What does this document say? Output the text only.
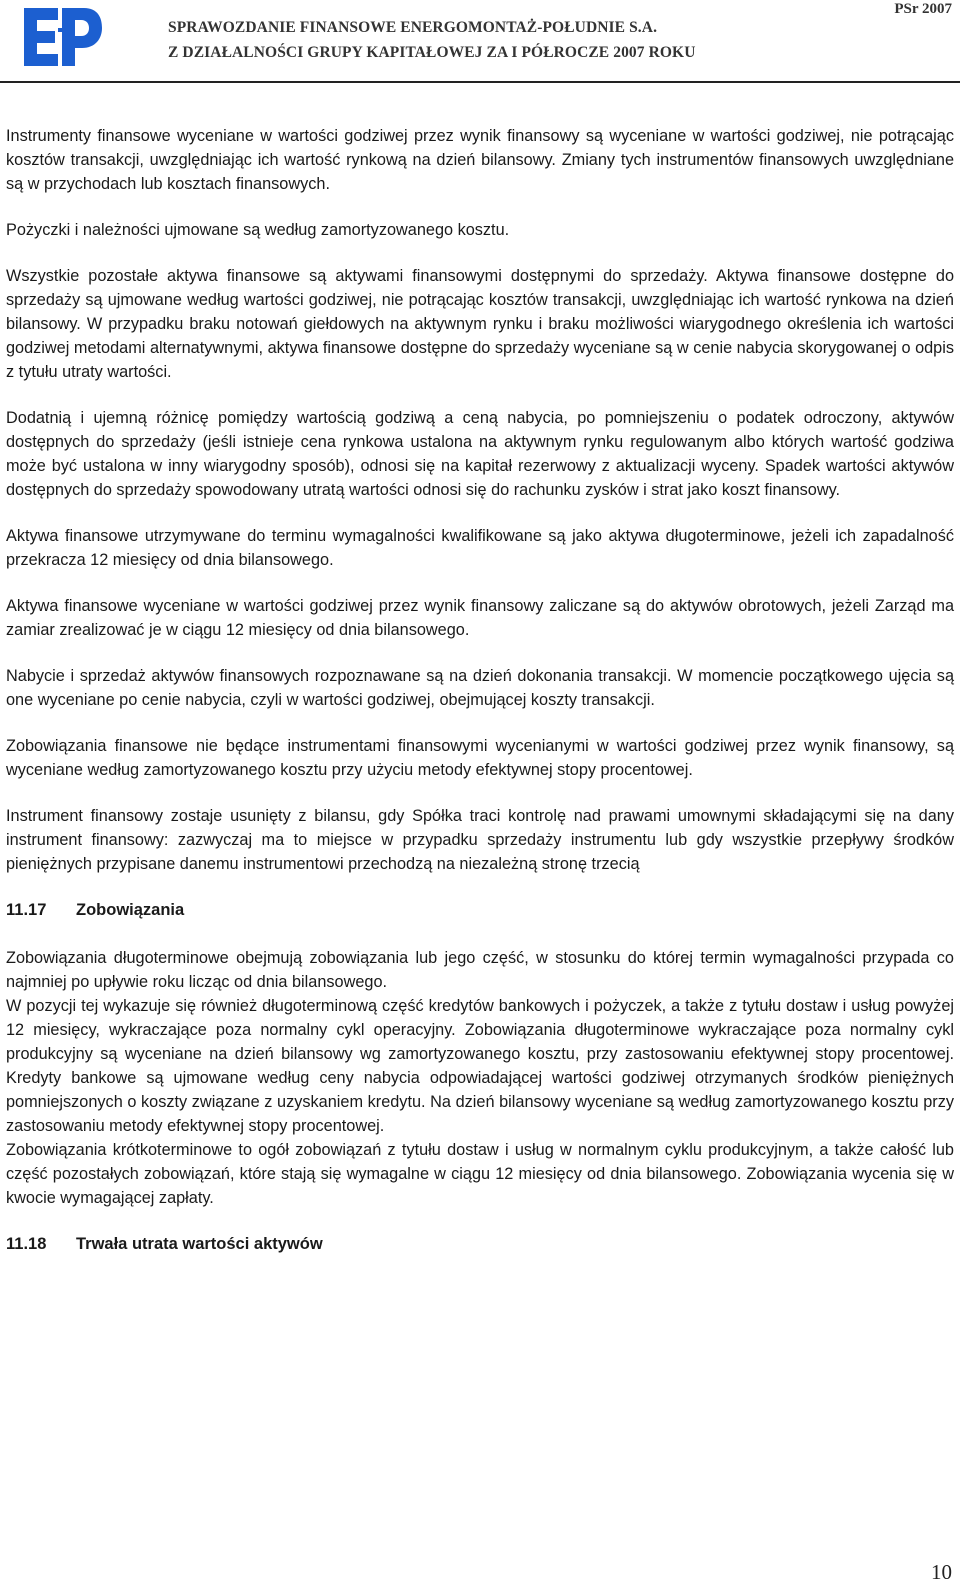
SPRAWOZDANIE FINANSOWE ENERGOMONTAŻ-POŁUDNIE S.A.
Z DZIAŁALNOŚCI GRUPY KAPITAŁOWEJ ZA I PÓŁROCZE 2007 ROKU
PSr 2007

Instrumenty finansowe wyceniane w wartości godziwej przez wynik finansowy są wyceniane w wartości godziwej, nie potrącając kosztów transakcji, uwzględniając ich wartość rynkową na dzień bilansowy. Zmiany tych instrumentów finansowych uwzględniane są w przychodach lub kosztach finansowych.

Pożyczki i należności ujmowane są według zamortyzowanego kosztu.

Wszystkie pozostałe aktywa finansowe są aktywami finansowymi dostępnymi do sprzedaży. Aktywa finansowe dostępne do sprzedaży są ujmowane według wartości godziwej, nie potrącając kosztów transakcji, uwzględniając ich wartość rynkowa na dzień bilansowy. W przypadku braku notowań giełdowych na aktywnym rynku i braku możliwości wiarygodnego określenia ich wartości godziwej metodami alternatywnymi, aktywa finansowe dostępne do sprzedaży wyceniane są w cenie nabycia skorygowanej o odpis z tytułu utraty wartości.

Dodatnią i ujemną różnicę pomiędzy wartością godziwą a ceną nabycia, po pomniejszeniu o podatek odroczony, aktywów dostępnych do sprzedaży (jeśli istnieje cena rynkowa ustalona na aktywnym rynku regulowanym albo których wartość godziwa może być ustalona w inny wiarygodny sposób), odnosi się na kapitał rezerwowy z aktualizacji wyceny. Spadek wartości aktywów dostępnych do sprzedaży spowodowany utratą wartości odnosi się do rachunku zysków i strat jako koszt finansowy.

Aktywa finansowe utrzymywane do terminu wymagalności kwalifikowane są jako aktywa długoterminowe, jeżeli ich zapadalność przekracza 12 miesięcy od dnia bilansowego.

Aktywa finansowe wyceniane w wartości godziwej przez wynik finansowy zaliczane są do aktywów obrotowych, jeżeli Zarząd ma zamiar zrealizować je w ciągu 12 miesięcy od dnia bilansowego.

Nabycie i sprzedaż aktywów finansowych rozpoznawane są na dzień dokonania transakcji. W momencie początkowego ujęcia są one wyceniane po cenie nabycia, czyli w wartości godziwej, obejmującej koszty transakcji.

Zobowiązania finansowe nie będące instrumentami finansowymi wycenianymi w wartości godziwej przez wynik finansowy, są wyceniane według zamortyzowanego kosztu przy użyciu metody efektywnej stopy procentowej.

Instrument finansowy zostaje usunięty z bilansu, gdy Spółka traci kontrolę nad prawami umownymi składającymi się na dany instrument finansowy: zazwyczaj ma to miejsce w przypadku sprzedaży instrumentu lub gdy wszystkie przepływy środków pieniężnych przypisane danemu instrumentowi przechodzą na niezależną stronę trzecią

11.17 Zobowiązania

Zobowiązania długoterminowe obejmują zobowiązania lub jego część, w stosunku do której termin wymagalności przypada co najmniej po upływie roku licząc od dnia bilansowego.

W pozycji tej wykazuje się również długoterminową część kredytów bankowych i pożyczek, a także z tytułu dostaw i usług powyżej 12 miesięcy, wykraczające poza normalny cykl operacyjny. Zobowiązania długoterminowe wykraczające poza normalny cykl produkcyjny są wyceniane na dzień bilansowy wg zamortyzowanego kosztu, przy zastosowaniu efektywnej stopy procentowej. Kredyty bankowe są ujmowane według ceny nabycia odpowiadającej wartości godziwej otrzymanych środków pieniężnych pomniejszonych o koszty związane z uzyskaniem kredytu. Na dzień bilansowy wyceniane są według zamortyzowanego kosztu przy zastosowaniu metody efektywnej stopy procentowej.

Zobowiązania krótkoterminowe to ogół zobowiązań z tytułu dostaw i usług w normalnym cyklu produkcyjnym, a także całość lub część pozostałych zobowiązań, które stają się wymagalne w ciągu 12 miesięcy od dnia bilansowego. Zobowiązania wycenia się w kwocie wymagającej zapłaty.

11.18 Trwała utrata wartości aktywów
10
